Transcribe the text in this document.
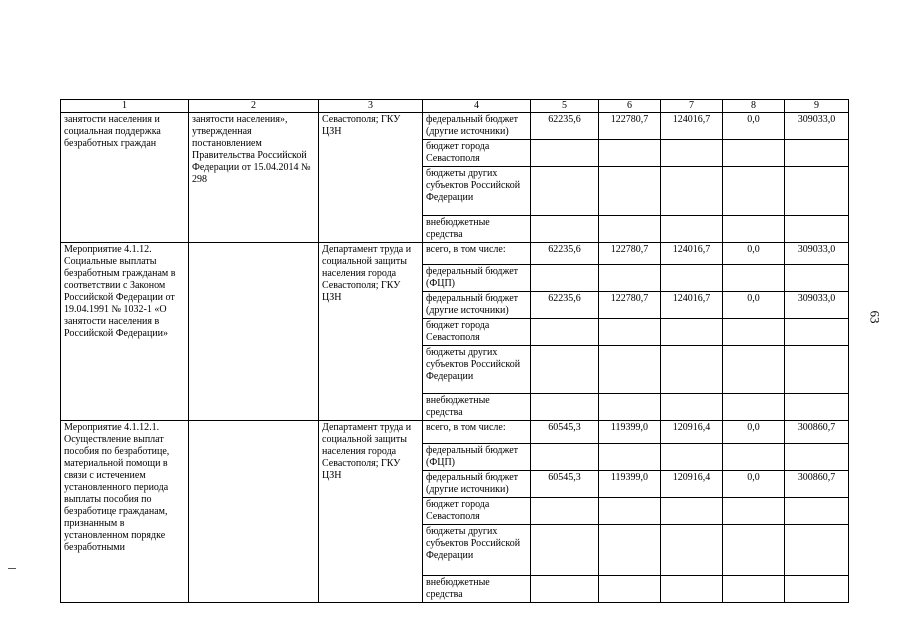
1	2	3	4	5	6	7	8	9
занятости населения и социальная поддержка безработных граждан	занятости населения», утвержденная постановлением Правительства Российской Федерации от 15.04.2014 № 298	Севастополя; ГКУ ЦЗН	федеральный бюджет (другие источники)	62235,6	122780,7	124016,7	0,0	309033,0
			бюджет города Севастополя					
			бюджеты других субъектов Российской Федерации					
			внебюджетные средства					
Мероприятие 4.1.12. Социальные выплаты безработным гражданам в соответствии с Законом Российской Федерации от 19.04.1991 № 1032-1 «О занятости населения в Российской Федерации»		Департамент труда и социальной защиты населения города Севастополя; ГКУ ЦЗН	всего, в том числе:	62235,6	122780,7	124016,7	0,0	309033,0
			федеральный бюджет (ФЦП)					
			федеральный бюджет (другие источники)	62235,6	122780,7	124016,7	0,0	309033,0
			бюджет города Севастополя					
			бюджеты других субъектов Российской Федерации					
			внебюджетные средства					
Мероприятие 4.1.12.1. Осуществление выплат пособия по безработице, материальной помощи в связи с истечением установленного периода выплаты пособия по безработице гражданам, признанным в установленном порядке безработными		Департамент труда и социальной защиты населения города Севастополя; ГКУ ЦЗН	всего, в том числе:	60545,3	119399,0	120916,4	0,0	300860,7
			федеральный бюджет (ФЦП)					
			федеральный бюджет (другие источники)	60545,3	119399,0	120916,4	0,0	300860,7
			бюджет города Севастополя					
			бюджеты других субъектов Российской Федерации					
			внебюджетные средства					
63
